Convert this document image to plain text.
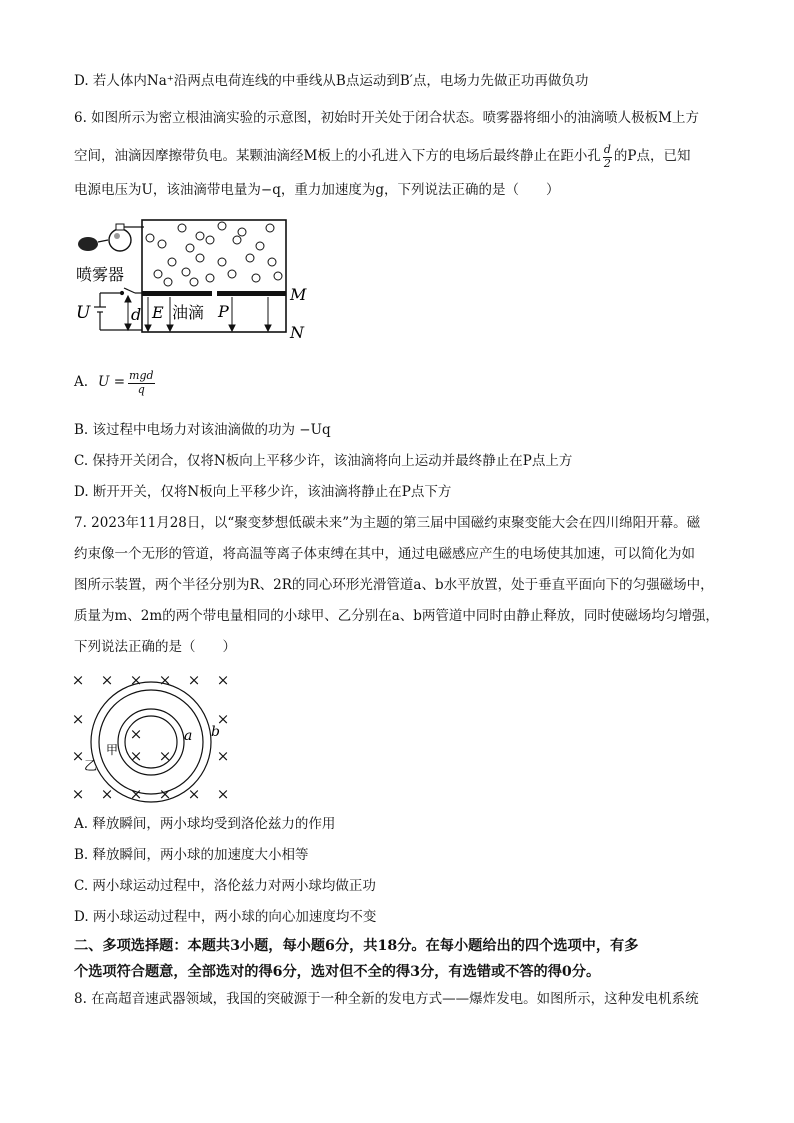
D. 若人体内Na⁺沿两点电荷连线的中垂线从B点运动到B′点，电场力先做正功再做负功
6. 如图所示为密立根油滴实验的示意图，初始时开关处于闭合状态。喷雾器将细小的油滴喷人极板M上方
空间，油滴因摩擦带负电。某颗油滴经M板上的小孔进入下方的电场后最终静止在距小孔 $\frac{d}{2}$ 的P点，已知
电源电压为U，该油滴带电量为−q，重力加速度为g，下列说法正确的是（　　）
喷雾器
U	d E 油滴 P
M
N
A. $U = \frac{\text{mgd}}{q}$
B. 该过程中电场力对该油滴做的功为 −Uq
C. 保持开关闭合，仅将N板向上平移少许，该油滴将向上运动并最终静止在P点上方
D. 断开开关，仅将N板向上平移少许，该油滴将静止在P点下方
7. 2023年11月28日，以“聚变梦想低碳未来”为主题的第三届中国磁约束聚变能大会在四川绵阳开幕。磁
约束像一个无形的管道，将高温等离子体束缚在其中，通过电磁感应产生的电场使其加速，可以简化为如
图所示装置，两个半径分别为R、2R的同心环形光滑管道a、b水平放置，处于垂直平面向下的匀强磁场中，
质量为m、2m的两个带电量相同的小球甲、乙分别在a、b两管道中同时由静止释放，同时使磁场均匀增强，
下列说法正确的是（　　）
× × × × × ×
×	×
×	×
× × × × × ×
×
× ×
a b
甲
乙
A. 释放瞬间，两小球均受到洛伦兹力的作用
B. 释放瞬间，两小球的加速度大小相等
C. 两小球运动过程中，洛伦兹力对两小球均做正功
D. 两小球运动过程中，两小球的向心加速度均不变
二、多项选择题：本题共3小题，每小题6分，共18分。在每小题给出的四个选项中，有多
个选项符合题意，全部选对的得6分，选对但不全的得3分，有选错或不答的得0分。
8. 在高超音速武器领域，我国的突破源于一种全新的发电方式——爆炸发电。如图所示，这种发电机系统
